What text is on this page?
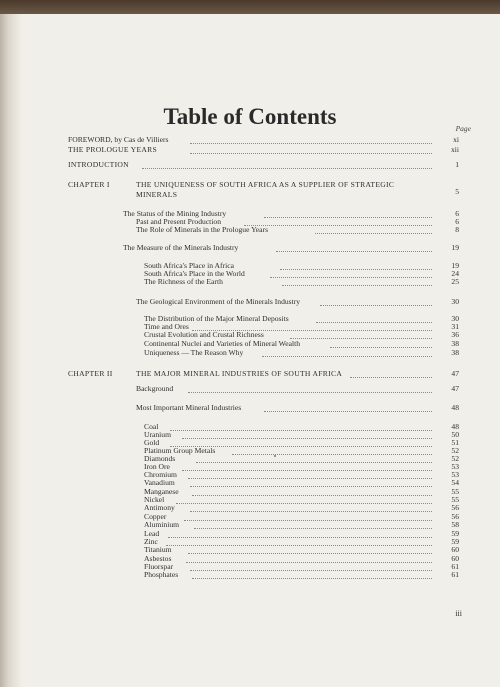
Table of Contents	Page
FOREWORD, by Cas de Villiers	xi
THE PROLOGUE YEARS	xii
INTRODUCTION	1
CHAPTER I	THE UNIQUENESS OF SOUTH AFRICA AS A SUPPLIER OF STRATEGIC
MINERALS	5
The Status of the Mining Industry	6
Past and Present Production	6
The Role of Minerals in the Prologue Years	8
The Measure of the Minerals Industry	19
South Africa's Place in Africa	19
South Africa's Place in the World	24
The Richness of the Earth	25
The Geological Environment of the Minerals Industry	30
The Distribution of the Major Mineral Deposits	30
Time and Ores	31
Crustal Evolution and Crustal Richness	36
Continental Nuclei and Varieties of Mineral Wealth	38
Uniqueness — The Reason Why	38
CHAPTER II	THE MAJOR MINERAL INDUSTRIES OF SOUTH AFRICA	47
Background	47
Most Important Mineral Industries	48
Coal	48
Uranium	50
Gold	51
Platinum Group Metals	52
Diamonds	52
Iron Ore	53
Chromium	53
Vanadium	54
Manganese	55
Nickel	55
Antimony	56
Copper	56
Aluminium	58
Lead	59
Zinc	59
Titanium	60
Asbestos	60
Fluorspar	61
Phosphates	61
iii
